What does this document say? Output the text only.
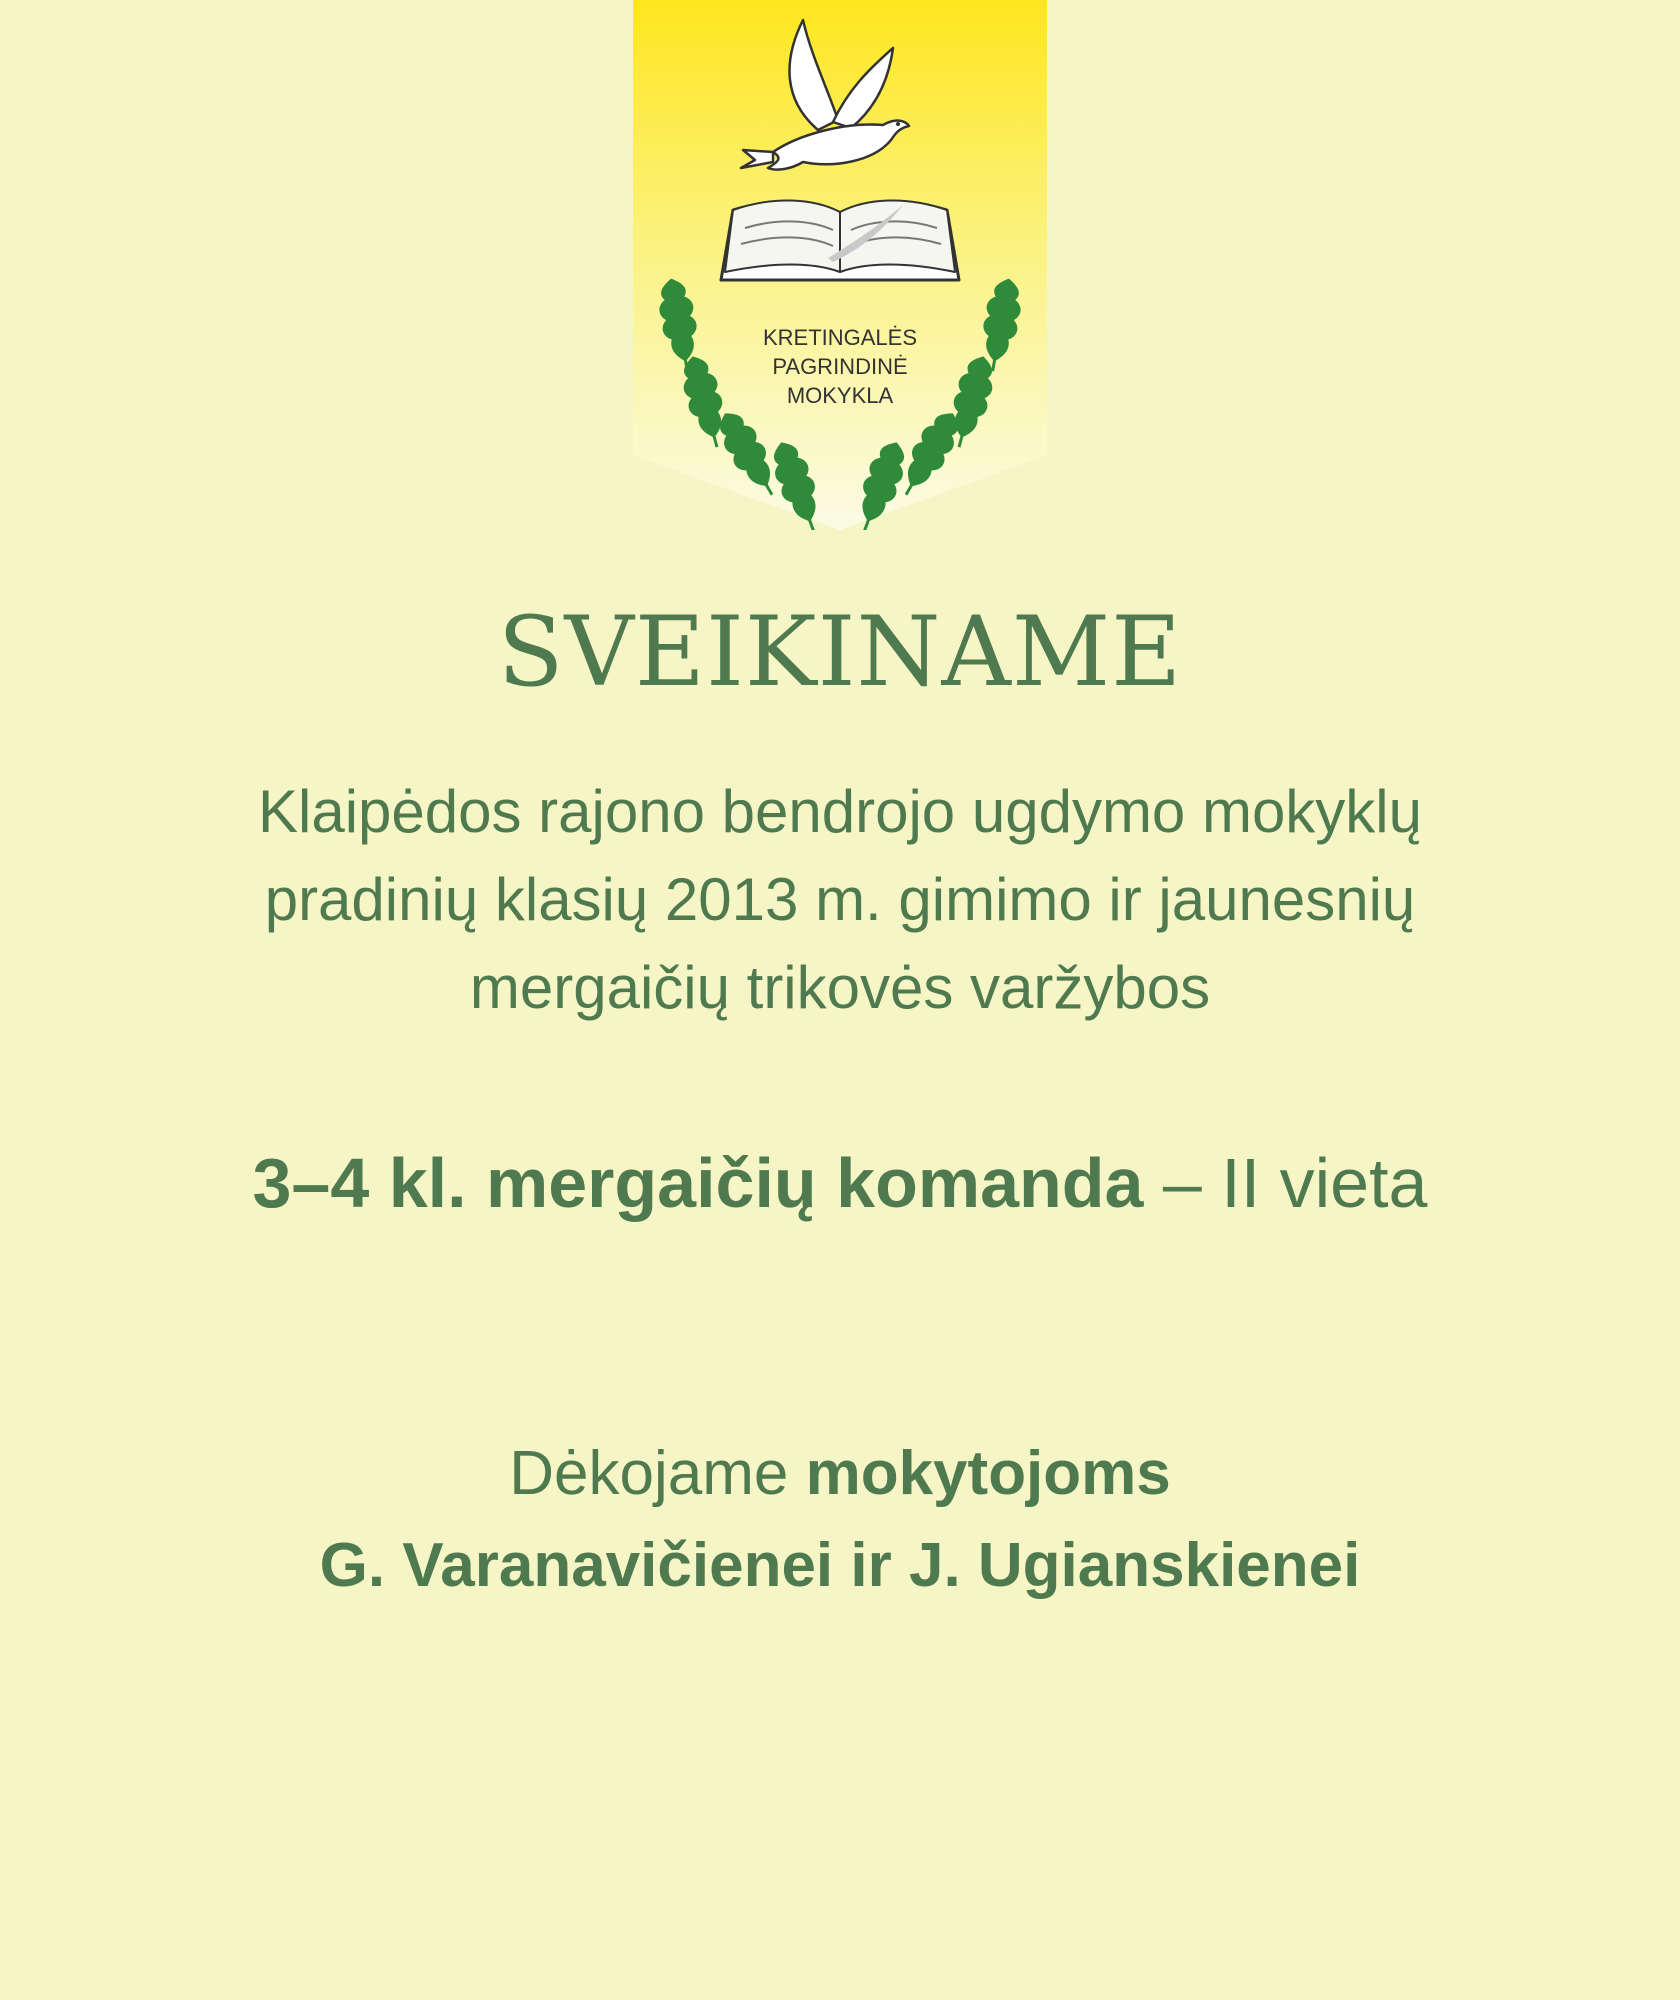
KRETINGALĖS
PAGRINDINĖ
MOKYKLA
SVEIKINAME
Klaipėdos rajono bendrojo ugdymo mokyklų
pradinių klasių 2013 m. gimimo ir jaunesnių
mergaičių trikovės varžybos
3–4 kl. mergaičių komanda – II vieta
Dėkojame mokytojoms
G. Varanavičienei ir J. Ugianskienei
